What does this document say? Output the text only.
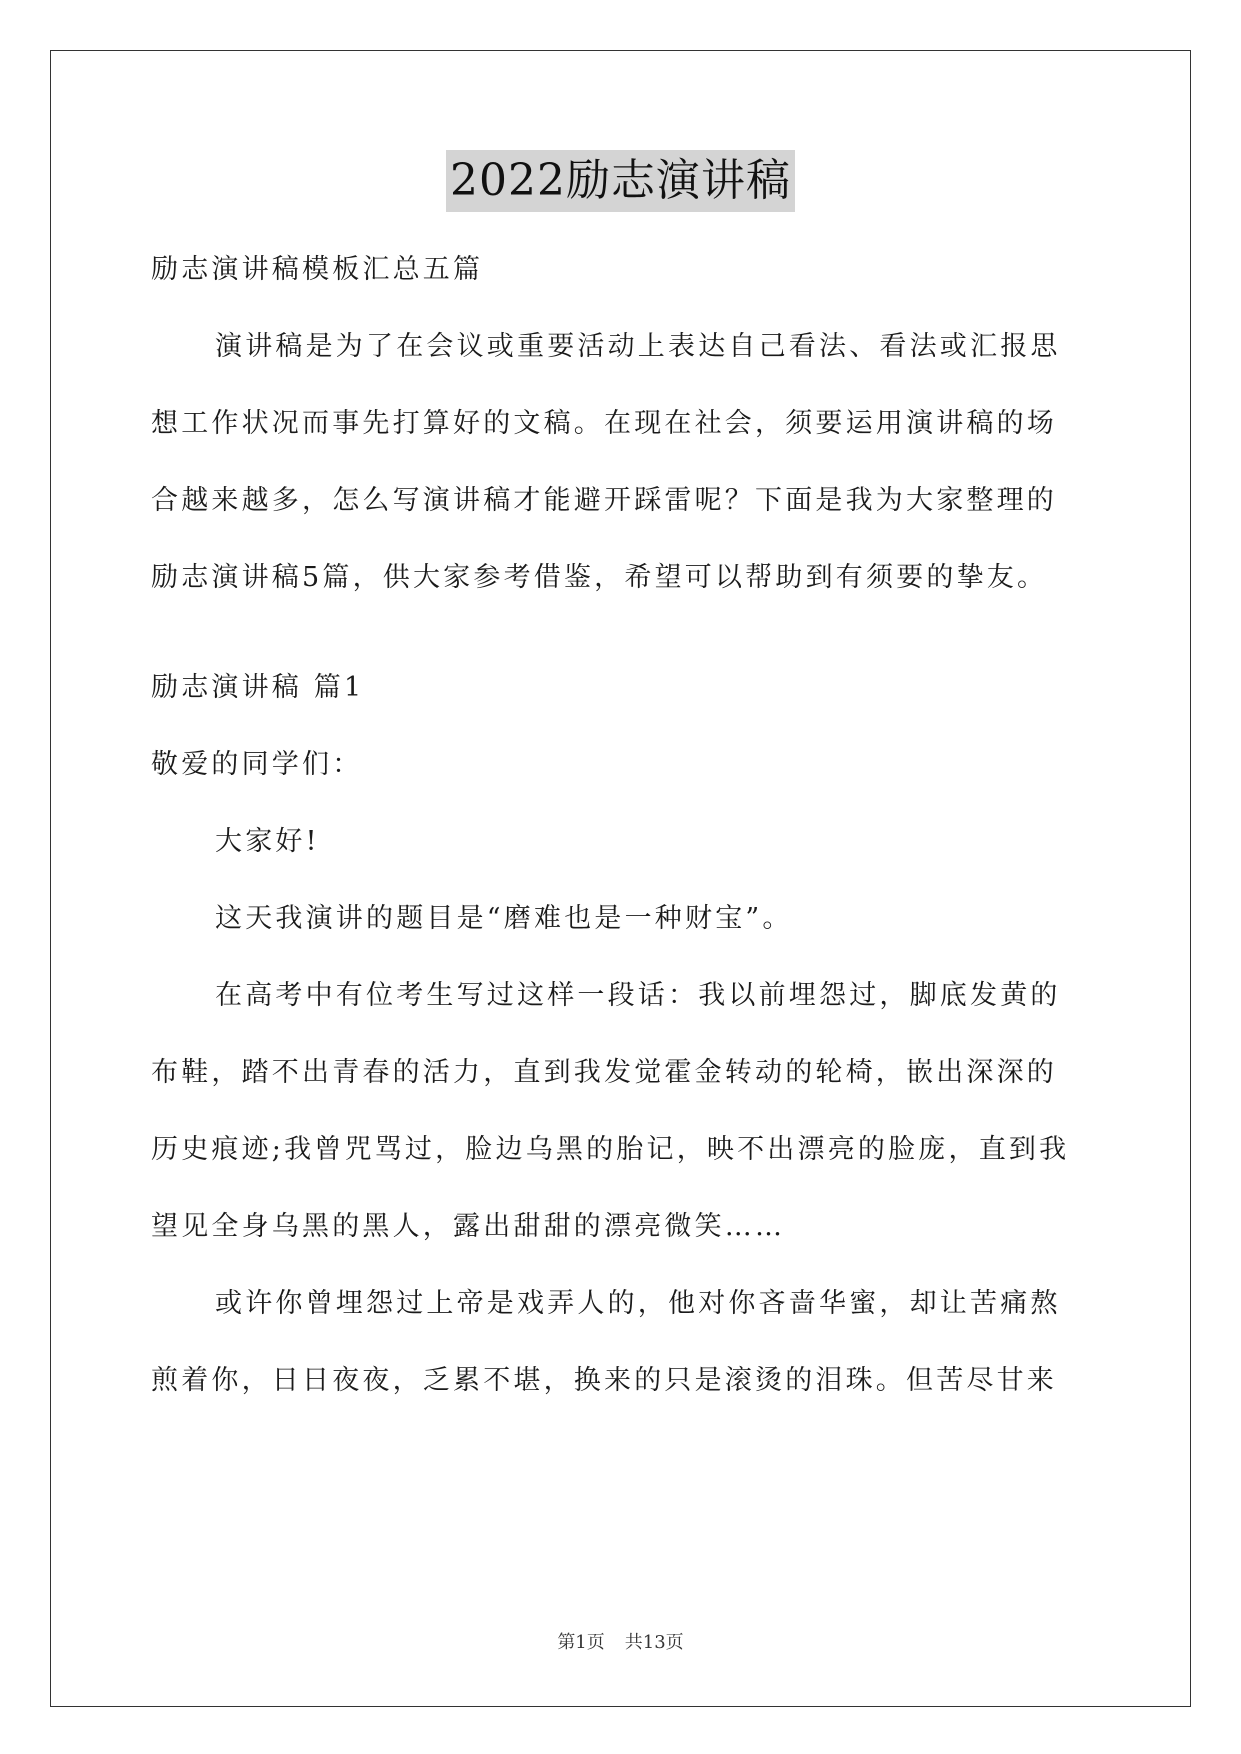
2022励志演讲稿

励志演讲稿模板汇总五篇

演讲稿是为了在会议或重要活动上表达自己看法、看法或汇报思

想工作状况而事先打算好的文稿。在现在社会，须要运用演讲稿的场

合越来越多，怎么写演讲稿才能避开踩雷呢？下面是我为大家整理的

励志演讲稿5篇，供大家参考借鉴，希望可以帮助到有须要的挚友。

励志演讲稿 篇1

敬爱的同学们：

大家好!

这天我演讲的题目是“磨难也是一种财宝”。

在高考中有位考生写过这样一段话：我以前埋怨过，脚底发黄的

布鞋，踏不出青春的活力，直到我发觉霍金转动的轮椅，嵌出深深的

历史痕迹;我曾咒骂过，脸边乌黑的胎记，映不出漂亮的脸庞，直到我

望见全身乌黑的黑人，露出甜甜的漂亮微笑……

或许你曾埋怨过上帝是戏弄人的，他对你吝啬华蜜，却让苦痛熬

煎着你，日日夜夜，乏累不堪，换来的只是滚烫的泪珠。但苦尽甘来

第1页 共13页
